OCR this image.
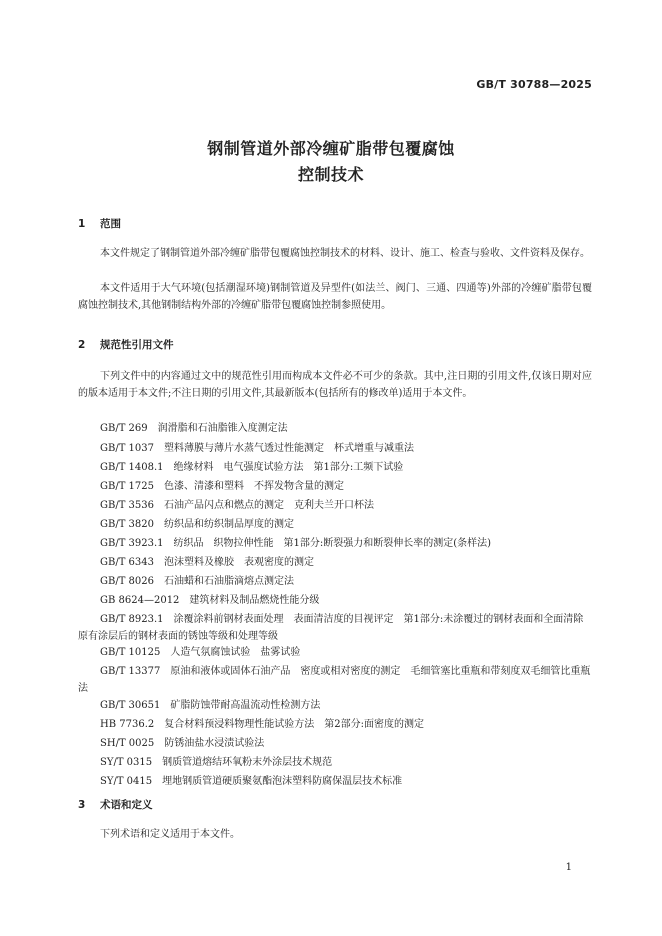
GB/T 30788—2025
钢制管道外部冷缠矿脂带包覆腐蚀
控制技术
1 范围
本文件规定了钢制管道外部冷缠矿脂带包覆腐蚀控制技术的材料、设计、施工、检查与验收、文件资料及保存。
本文件适用于大气环境(包括潮湿环境)钢制管道及异型件(如法兰、阀门、三通、四通等)外部的冷缠矿脂带包覆腐蚀控制技术,其他钢制结构外部的冷缠矿脂带包覆腐蚀控制参照使用。
2 规范性引用文件
下列文件中的内容通过文中的规范性引用而构成本文件必不可少的条款。其中,注日期的引用文件,仅该日期对应的版本适用于本文件;不注日期的引用文件,其最新版本(包括所有的修改单)适用于本文件。
GB/T 269　润滑脂和石油脂锥入度测定法
GB/T 1037　塑料薄膜与薄片水蒸气透过性能测定　杯式增重与减重法
GB/T 1408.1　绝缘材料　电气强度试验方法　第1部分:工频下试验
GB/T 1725　色漆、清漆和塑料　不挥发物含量的测定
GB/T 3536　石油产品闪点和燃点的测定　克利夫兰开口杯法
GB/T 3820　纺织品和纺织制品厚度的测定
GB/T 3923.1　纺织品　织物拉伸性能　第1部分:断裂强力和断裂伸长率的测定(条样法)
GB/T 6343　泡沫塑料及橡胶　表观密度的测定
GB/T 8026　石油蜡和石油脂滴熔点测定法
GB 8624—2012　建筑材料及制品燃烧性能分级
GB/T 8923.1　涂覆涂料前钢材表面处理　表面清洁度的目视评定　第1部分:未涂覆过的钢材表面和全面清除原有涂层后的钢材表面的锈蚀等级和处理等级
GB/T 10125　人造气氛腐蚀试验　盐雾试验
GB/T 13377　原油和液体或固体石油产品　密度或相对密度的测定　毛细管塞比重瓶和带刻度双毛细管比重瓶法
GB/T 30651　矿脂防蚀带耐高温流动性检测方法
HB 7736.2　复合材料预浸料物理性能试验方法　第2部分:面密度的测定
SH/T 0025　防锈油盐水浸渍试验法
SY/T 0315　钢质管道熔结环氧粉末外涂层技术规范
SY/T 0415　埋地钢质管道硬质聚氨酯泡沫塑料防腐保温层技术标准
3 术语和定义
下列术语和定义适用于本文件。
1
